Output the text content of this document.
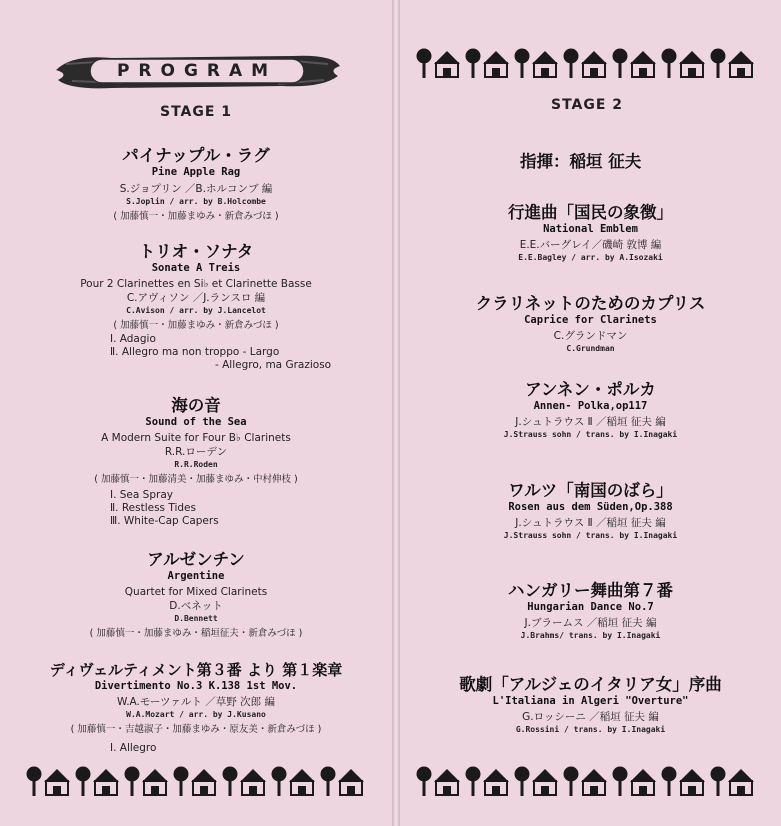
PROGRAM
STAGE 1
パイナップル・ラグ
Pine Apple Rag
S.ジョプリン ／B.ホルコンブ 編
S.Joplin / arr. by B.Holcombe
( 加藤慎一・加藤まゆみ・新倉みづほ )
トリオ・ソナタ
Sonate A Treis
Pour 2 Clarinettes en Si♭ et Clarinette Basse
C.アヴィソン ／J.ランスロ 編
C.Avison / arr. by J.Lancelot
( 加藤慎一・加藤まゆみ・新倉みづほ )
Ⅰ. Adagio
Ⅱ. Allegro ma non troppo - Largo
- Allegro, ma Grazioso
海の音
Sound of the Sea
A Modern Suite for Four B♭ Clarinets
R.R.ローデン
R.R.Roden
( 加藤慎一・加藤清美・加藤まゆみ・中村伸枝 )
Ⅰ. Sea Spray
Ⅱ. Restless Tides
Ⅲ. White-Cap Capers
アルゼンチン
Argentine
Quartet for Mixed Clarinets
D.ベネット
D.Bennett
( 加藤慎一・加藤まゆみ・稲垣征夫・新倉みづほ )
ディヴェルティメント第３番 より 第１楽章
Divertimento No.3 K.138 1st Mov.
W.A.モーツァルト ／草野 次郎 編
W.A.Mozart / arr. by J.Kusano
( 加藤慎一・吉越淑子・加藤まゆみ・原友美・新倉みづほ )
Ⅰ. Allegro
STAGE 2
指揮：稲垣 征夫
行進曲「国民の象徴」
National Emblem
E.E.バーグレイ／磯崎 敦博 編
E.E.Bagley / arr. by A.Isozaki
クラリネットのためのカプリス
Caprice for Clarinets
C.グランドマン
C.Grundman
アンネン・ポルカ
Annen- Polka,op117
J.シュトラウス Ⅱ ／稲垣 征夫 編
J.Strauss sohn / trans. by I.Inagaki
ワルツ「南国のばら」
Rosen aus dem Süden,Op.388
J.シュトラウス Ⅱ ／稲垣 征夫 編
J.Strauss sohn / trans. by I.Inagaki
ハンガリー舞曲第７番
Hungarian Dance No.7
J.ブラームス ／稲垣 征夫 編
J.Brahms/ trans. by I.Inagaki
歌劇「アルジェのイタリア女」序曲
L'Italiana in Algeri "Overture"
G.ロッシーニ ／稲垣 征夫 編
G.Rossini / trans. by I.Inagaki
